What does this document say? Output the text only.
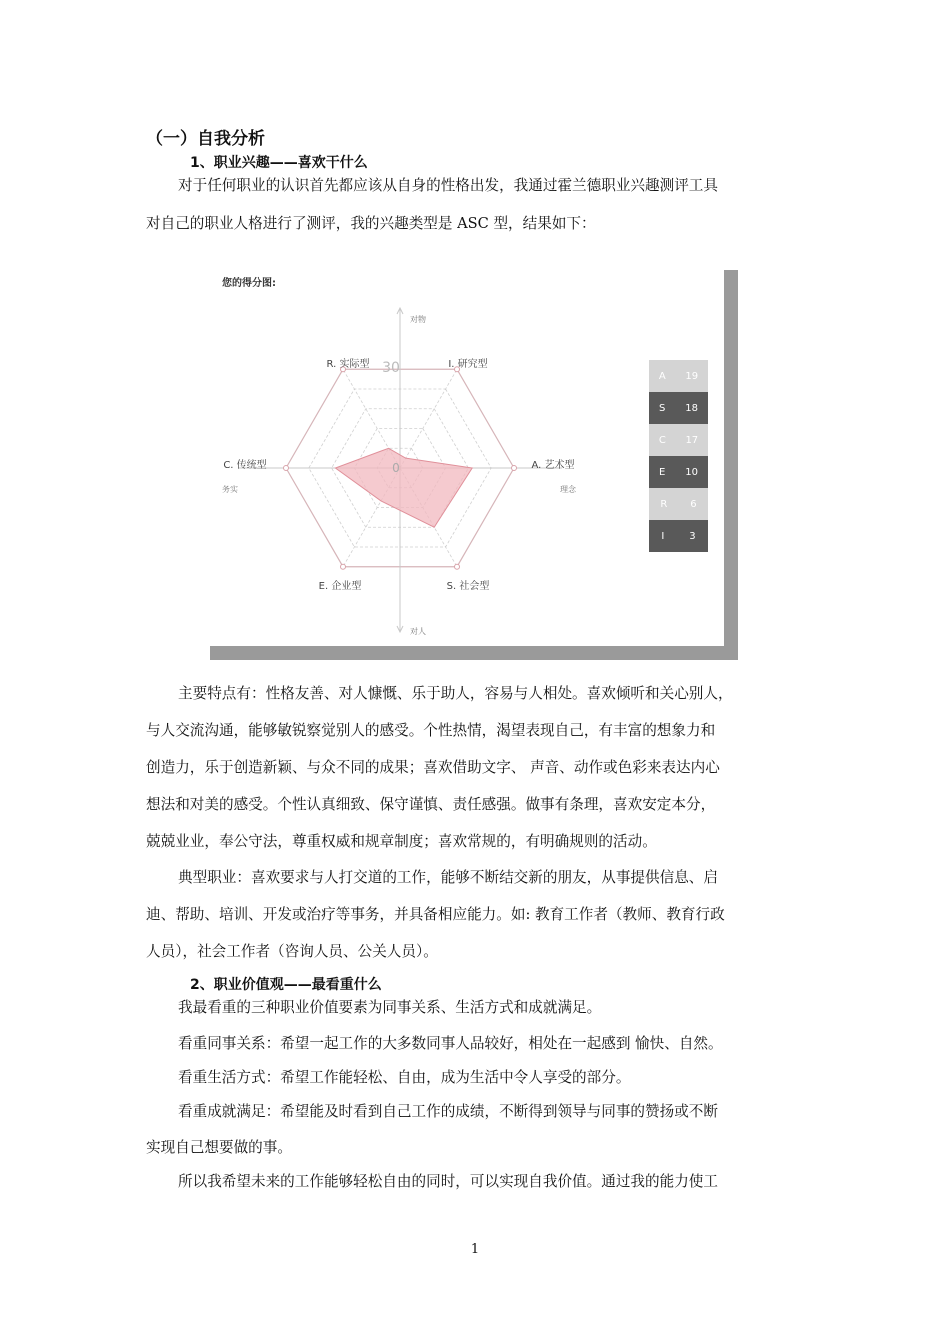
（一）自我分析
1、职业兴趣——喜欢干什么
对于任何职业的认识首先都应该从自身的性格出发，我通过霍兰德职业兴趣测评工具
对自己的职业人格进行了测评，我的兴趣类型是 ASC 型，结果如下：
您的得分图:
R. 实际型	I. 研究型
A. 艺术型
S. 社会型
E. 企业型
C. 传统型
对物
对人
务实	理念
30
0
A 19
S 18
C 17
E 10
R 6
I 3
主要特点有：性格友善、对人慷慨、乐于助人，容易与人相处。喜欢倾听和关心别人，
与人交流沟通，能够敏锐察觉别人的感受。个性热情，渴望表现自己，有丰富的想象力和
创造力，乐于创造新颖、与众不同的成果；喜欢借助文字、 声音、动作或色彩来表达内心
想法和对美的感受。个性认真细致、保守谨慎、责任感强。做事有条理，喜欢安定本分，
兢兢业业，奉公守法，尊重权威和规章制度；喜欢常规的，有明确规则的活动。
典型职业：喜欢要求与人打交道的工作，能够不断结交新的朋友，从事提供信息、启
迪、帮助、培训、开发或治疗等事务，并具备相应能力。如: 教育工作者（教师、教育行政
人员），社会工作者（咨询人员、公关人员）。
2、职业价值观——最看重什么
我最看重的三种职业价值要素为同事关系、生活方式和成就满足。
看重同事关系：希望一起工作的大多数同事人品较好，相处在一起感到 愉快、自然。
看重生活方式：希望工作能轻松、自由，成为生活中令人享受的部分。
看重成就满足：希望能及时看到自己工作的成绩，不断得到领导与同事的赞扬或不断
实现自己想要做的事。
所以我希望未来的工作能够轻松自由的同时，可以实现自我价值。通过我的能力使工
1
